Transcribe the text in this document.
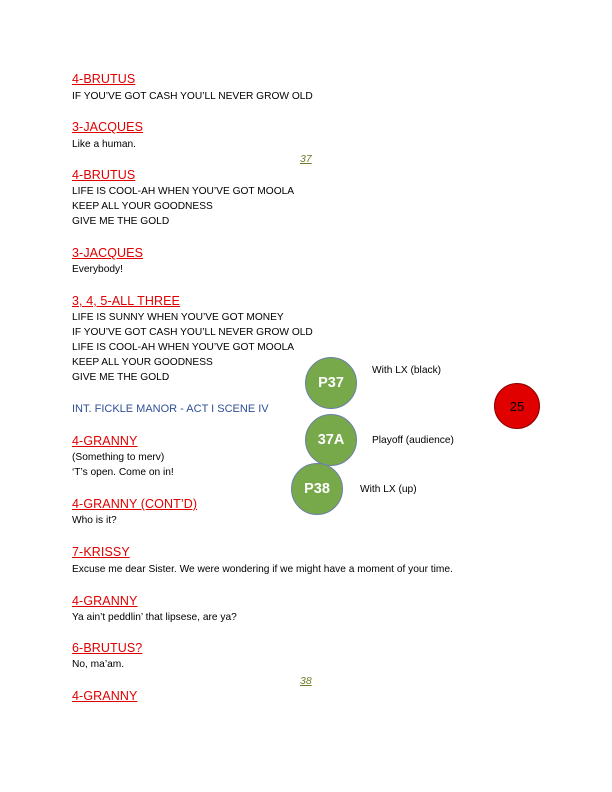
4-BRUTUS
IF YOU’VE GOT CASH YOU’LL NEVER GROW OLD
3-JACQUES
Like a human.
37
4-BRUTUS
LIFE IS COOL-AH WHEN YOU’VE GOT MOOLA
KEEP ALL YOUR GOODNESS
GIVE ME THE GOLD
3-JACQUES
Everybody!
3, 4, 5-ALL THREE
LIFE IS SUNNY WHEN YOU’VE GOT MONEY
IF YOU’VE GOT CASH YOU’LL NEVER GROW OLD
LIFE IS COOL-AH WHEN YOU’VE GOT MOOLA
KEEP ALL YOUR GOODNESS
GIVE ME THE GOLD
INT. FICKLE MANOR - ACT I SCENE IV
4-GRANNY
(Something to merv)
‘T’s open. Come on in!
4-GRANNY (CONT’D)
Who is it?
7-KRISSY
Excuse me dear Sister. We were wondering if we might have a moment of your time.
4-GRANNY
Ya ain’t peddlin’ that lipsese, are ya?
6-BRUTUS?
No, ma’am.
38
4-GRANNY
P37
With LX (black)
37A	Playoff (audience)
P38	With LX (up)
25
